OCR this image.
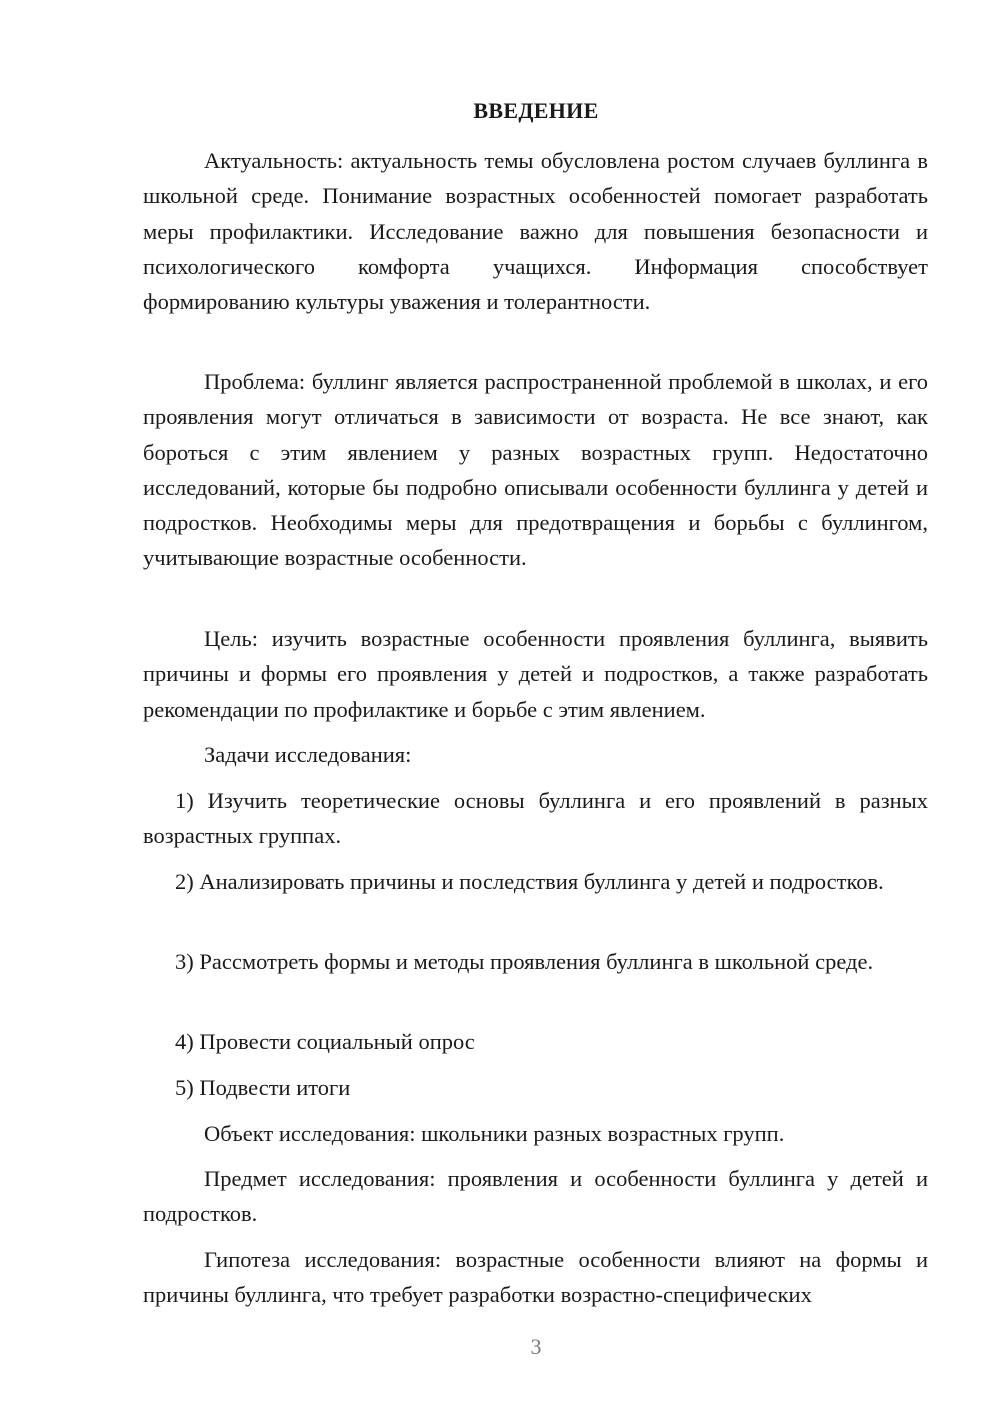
ВВЕДЕНИЕ
Актуальность: актуальность темы обусловлена ростом случаев буллинга в школьной среде. Понимание возрастных особенностей помогает разработать меры профилактики. Исследование важно для повышения безопасности и психологического комфорта учащихся. Информация способствует формированию культуры уважения и толерантности.
Проблема: буллинг является распространенной проблемой в школах, и его проявления могут отличаться в зависимости от возраста. Не все знают, как бороться с этим явлением у разных возрастных групп. Недостаточно исследований, которые бы подробно описывали особенности буллинга у детей и подростков. Необходимы меры для предотвращения и борьбы с буллингом, учитывающие возрастные особенности.
Цель: изучить возрастные особенности проявления буллинга, выявить причины и формы его проявления у детей и подростков, а также разработать рекомендации по профилактике и борьбе с этим явлением.
Задачи исследования:
1) Изучить теоретические основы буллинга и его проявлений в разных возрастных группах.
2) Анализировать причины и последствия буллинга у детей и подростков.
3) Рассмотреть формы и методы проявления буллинга в школьной среде.
4) Провести социальный опрос
5) Подвести итоги
Объект исследования: школьники разных возрастных групп.
Предмет исследования: проявления и особенности буллинга у детей и подростков.
Гипотеза исследования: возрастные особенности влияют на формы и причины буллинга, что требует разработки возрастно-специфических
3
